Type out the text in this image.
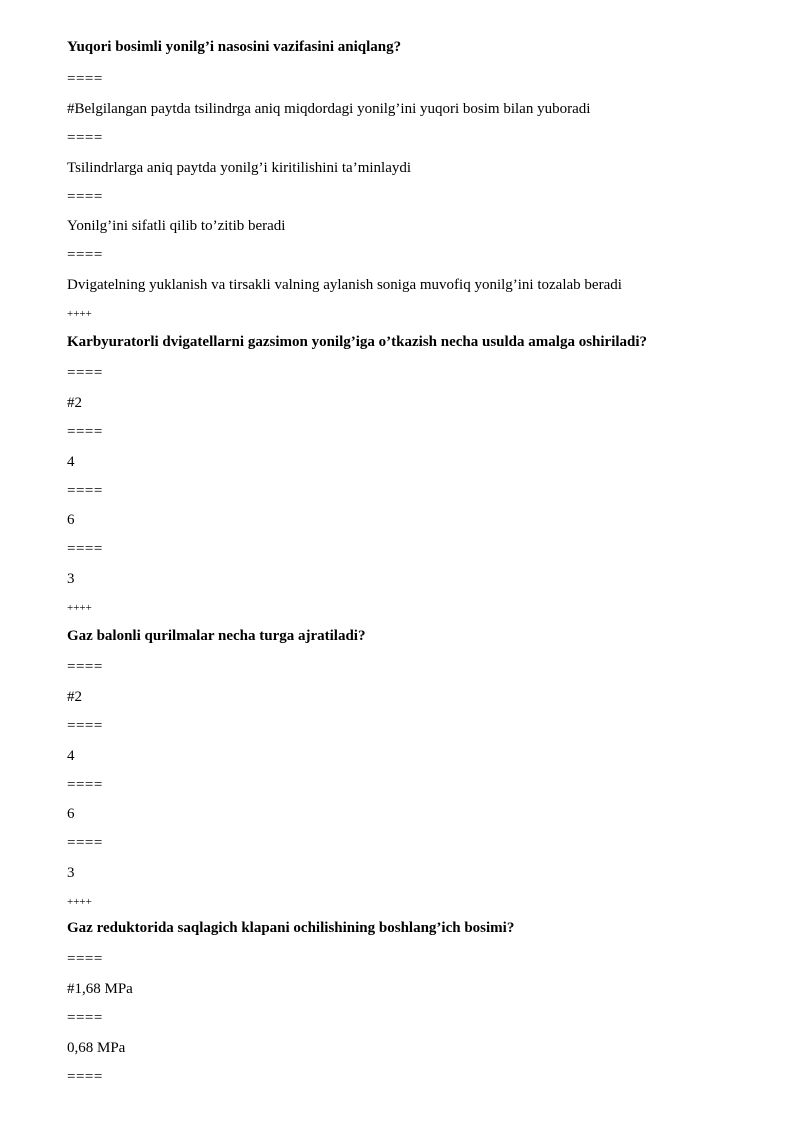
Yuqori bosimli yonilg’i nasosini vazifasini aniqlang?
====
#Belgilangan paytda tsilindrga aniq miqdordagi yonilg’ini yuqori bosim bilan yuboradi
====
Tsilindrlarga aniq paytda yonilg’i kiritilishini ta’minlaydi
====
Yonilg’ini sifatli qilib to’zitib beradi
====
Dvigatelning yuklanish va tirsakli valning aylanish soniga muvofiq yonilg’ini tozalab beradi
++++
Karbyuratorli dvigatellarni gazsimon yonilg’iga o’tkazish necha usulda amalga oshiriladi?
====
#2
====
4
====
6
====
3
++++
Gaz balonli qurilmalar necha turga ajratiladi?
====
#2
====
4
====
6
====
3
++++
Gaz reduktorida saqlagich klapani ochilishining boshlang’ich bosimi?
====
#1,68 MPa
====
0,68 MPa
====
